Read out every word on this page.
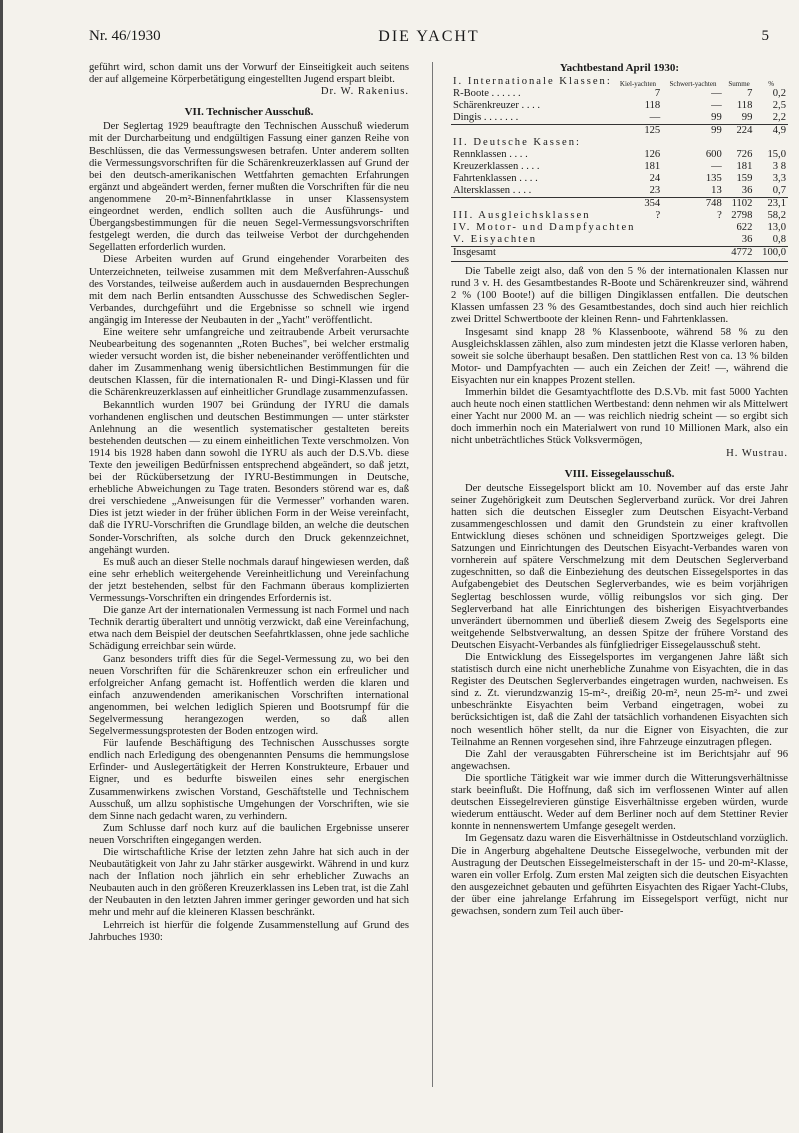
Nr. 46/1930	DIE YACHT	5

geführt wird, schon damit uns der Vorwurf der Einseitigkeit auch seitens der auf allgemeine Körperbetätigung eingestellten Jugend erspart bleibt.

Dr. W. Rakenius.
VII. Technischer Ausschuß.

Der Seglertag 1929 beauftragte den Technischen Ausschuß wiederum mit der Durcharbeitung und endgültigen Fassung einer ganzen Reihe von Beschlüssen, die das Vermessungswesen betrafen. Unter anderem sollten die Vermessungsvorschriften für die Schärenkreuzerklassen auf Grund der bei den deutsch-amerikanischen Wettfahrten gemachten Erfahrungen ergänzt und abgeändert werden, ferner mußten die Vorschriften für die neu angenommene 20-m²-Binnenfahrtklasse in unser Klassensystem eingeordnet werden, endlich sollten auch die Ausführungs- und Übergangsbestimmungen für die neuen Segel-Vermessungsvorschriften festgelegt werden, die durch das teilweise Verbot der durchgehenden Segellatten erforderlich wurden.

Diese Arbeiten wurden auf Grund eingehender Vorarbeiten des Unterzeichneten, teilweise zusammen mit dem Meßverfahren-Ausschuß des Vorstandes, teilweise außerdem auch in ausdauernden Besprechungen mit dem nach Berlin entsandten Ausschusse des Schwedischen Segler-Verbandes, durchgeführt und die Ergebnisse so schnell wie irgend angängig im Interesse der Neubauten in der „Yacht" veröffentlicht.

Eine weitere sehr umfangreiche und zeitraubende Arbeit verursachte Neubearbeitung des sogenannten „Roten Buches", bei welcher erstmalig wieder versucht worden ist, die bisher nebeneinander veröffentlichten und daher im Zusammenhang wenig übersichtlichen Bestimmungen für die deutschen Klassen, für die internationalen R- und Dingi-Klassen und für die Schärenkreuzerklassen auf einheitlicher Grundlage zusammenzufassen.

Bekanntlich wurden 1907 bei Gründung der IYRU die damals vorhandenen englischen und deutschen Bestimmungen — unter stärkster Anlehnung an die wesentlich systematischer gestalteten bereits bestehenden deutschen — zu einem einheitlichen Texte verschmolzen. Von 1914 bis 1928 haben dann sowohl die IYRU als auch der D.S.Vb. diese Texte den jeweiligen Bedürfnissen entsprechend abgeändert, so daß jetzt, bei der Rückübersetzung der IYRU-Bestimmungen in Deutsche, erhebliche Abweichungen zu Tage traten. Besonders störend war es, daß drei verschiedene „Anweisungen für die Vermesser" vorhanden waren. Dies ist jetzt wieder in der früher üblichen Form in der Weise vereinfacht, daß die IYRU-Vorschriften die Grundlage bilden, an welche die deutschen Sonder-Vorschriften, als solche durch den Druck gekennzeichnet, angehängt wurden.

Es muß auch an dieser Stelle nochmals darauf hingewiesen werden, daß eine sehr erheblich weitergehende Vereinheitlichung und Vereinfachung der jetzt bestehenden, selbst für den Fachmann überaus komplizierten Vermessungs-Vorschriften ein dringendes Erfordernis ist.

Die ganze Art der internationalen Vermessung ist nach Formel und nach Technik derartig überaltert und unnötig verzwickt, daß eine Vereinfachung, etwa nach dem Beispiel der deutschen Seefahrtklassen, ohne jede sachliche Schädigung erreichbar sein würde.

Ganz besonders trifft dies für die Segel-Vermessung zu, wo bei den neuen Vorschriften für die Schärenkreuzer schon ein erfreulicher und erfolgreicher Anfang gemacht ist. Hoffentlich werden die klaren und einfach anzuwendenden amerikanischen Vorschriften international angenommen, bei welchen lediglich Spieren und Bootsrumpf für die Segelvermessung herangezogen werden, so daß allen Segelvermessungsprotesten der Boden entzogen wird.

Für laufende Beschäftigung des Technischen Ausschusses sorgte endlich nach Erledigung des obengenannten Pensums die hemmungslose Erfinder- und Auslegertätigkeit der Herren Konstrukteure, Erbauer und Eigner, und es bedurfte bisweilen eines sehr energischen Zusammenwirkens zwischen Vorstand, Geschäftstelle und Technischem Ausschuß, um allzu sophistische Umgehungen der Vorschriften, wie sie dem Sinne nach gedacht waren, zu verhindern.

Zum Schlusse darf noch kurz auf die baulichen Ergebnisse unserer neuen Vorschriften eingegangen werden.

Die wirtschaftliche Krise der letzten zehn Jahre hat sich auch in der Neubautätigkeit von Jahr zu Jahr stärker ausgewirkt. Während in und kurz nach der Inflation noch jährlich ein sehr erheblicher Zuwachs an Neubauten auch in den größeren Kreuzerklassen ins Leben trat, ist die Zahl der Neubauten in den letzten Jahren immer geringer geworden und hat sich mehr und mehr auf die kleineren Klassen beschränkt.

Lehrreich ist hierfür die folgende Zusammenstellung auf Grund des Jahrbuches 1930:

Yachtbestand April 1930:
I. Internationale Klassen:	Kiel-yachten	Schwert-yachten	Summe	%
R-Boote . . . . . .	7	—	7	0,2
Schärenkreuzer . . . .	118	—	118	2,5
Dingis . . . . . . .	—	99	99	2,2
	125	99	224	4,9
II. Deutsche Kassen:				
Rennklassen . . . .	126	600	726	15,0
Kreuzerklassen . . . .	181	—	181	3 8
Fahrtenklassen . . . .	24	135	159	3,3
Altersklassen . . . .	23	13	36	0,7
	354	748	1102	23,1
III. Ausgleichsklassen	?	?	2798	58,2
IV. Motor- und Dampfyachten			622	13,0
V. Eisyachten			36	0,8
Insgesamt			4772	100,0

Die Tabelle zeigt also, daß von den 5 % der internationalen Klassen nur rund 3 v. H. des Gesamtbestandes R-Boote und Schärenkreuzer sind, während 2 % (100 Boote!) auf die billigen Dingiklassen entfallen. Die deutschen Klassen umfassen 23 % des Gesamtbestandes, doch sind auch hier reichlich zwei Drittel Schwertboote der kleinen Renn- und Fahrtenklassen.

Insgesamt sind knapp 28 % Klassenboote, während 58 % zu den Ausgleichsklassen zählen, also zum mindesten jetzt die Klasse verloren haben, soweit sie solche überhaupt besaßen. Den stattlichen Rest von ca. 13 % bilden Motor- und Dampfyachten — auch ein Zeichen der Zeit! —, während die Eisyachten nur ein knappes Prozent stellen.

Immerhin bildet die Gesamtyachtflotte des D.S.Vb. mit fast 5000 Yachten auch heute noch einen stattlichen Wertbestand: denn nehmen wir als Mittelwert einer Yacht nur 2000 M. an — was reichlich niedrig scheint — so ergibt sich doch immerhin noch ein Materialwert von rund 10 Millionen Mark, also ein nicht unbeträchtliches Stück Volksvermögen,

H. Wustrau.
VIII. Eissegelausschuß.

Der deutsche Eissegelsport blickt am 10. November auf das erste Jahr seiner Zugehörigkeit zum Deutschen Seglerverband zurück. Vor drei Jahren hatten sich die deutschen Eissegler zum Deutschen Eisyacht-Verband zusammengeschlossen und damit den Grundstein zu einer kraftvollen Entwicklung dieses schönen und schneidigen Sportzweiges gelegt. Die Satzungen und Einrichtungen des Deutschen Eisyacht-Verbandes waren von vornherein auf spätere Verschmelzung mit dem Deutschen Seglerverband zugeschnitten, so daß die Einbeziehung des deutschen Eissegelsportes in das Aufgabengebiet des Deutschen Seglerverbandes, wie es beim vorjährigen Seglertag beschlossen wurde, völlig reibungslos vor sich ging. Der Seglerverband hat alle Einrichtungen des bisherigen Eisyachtverbandes unverändert übernommen und überließ diesem Zweig des Segelsports eine weitgehende Selbstverwaltung, an dessen Spitze der frühere Vorstand des Deutschen Eisyacht-Verbandes als fünfgliedriger Eissegelausschuß steht.

Die Entwicklung des Eissegelsportes im vergangenen Jahre läßt sich statistisch durch eine nicht unerhebliche Zunahme von Eisyachten, die in das Register des Deutschen Seglerverbandes eingetragen wurden, nachweisen. Es sind z. Zt. vierundzwanzig 15-m²-, dreißig 20-m², neun 25-m²- und zwei unbeschränkte Eisyachten beim Verband eingetragen, wobei zu berücksichtigen ist, daß die Zahl der tatsächlich vorhandenen Eisyachten sich noch wesentlich höher stellt, da nur die Eigner von Eisyachten, die zur Teilnahme an Rennen vorgesehen sind, ihre Fahrzeuge einzutragen pflegen.

Die Zahl der verausgabten Führerscheine ist im Berichtsjahr auf 96 angewachsen.

Die sportliche Tätigkeit war wie immer durch die Witterungsverhältnisse stark beeinflußt. Die Hoffnung, daß sich im verflossenen Winter auf allen deutschen Eissegelrevieren günstige Eisverhältnisse ergeben würden, wurde wiederum enttäuscht. Weder auf dem Berliner noch auf dem Stettiner Revier konnte in nennenswertem Umfange gesegelt werden.

Im Gegensatz dazu waren die Eisverhältnisse in Ostdeutschland vorzüglich. Die in Angerburg abgehaltene Deutsche Eissegelwoche, verbunden mit der Austragung der Deutschen Eissegelmeisterschaft in der 15- und 20-m²-Klasse, waren ein voller Erfolg. Zum ersten Mal zeigten sich die deutschen Eisyachten den ausgezeichnet gebauten und geführten Eisyachten des Rigaer Yacht-Clubs, der über eine jahrelange Erfahrung im Eissegelsport verfügt, nicht nur gewachsen, sondern zum Teil auch über-
